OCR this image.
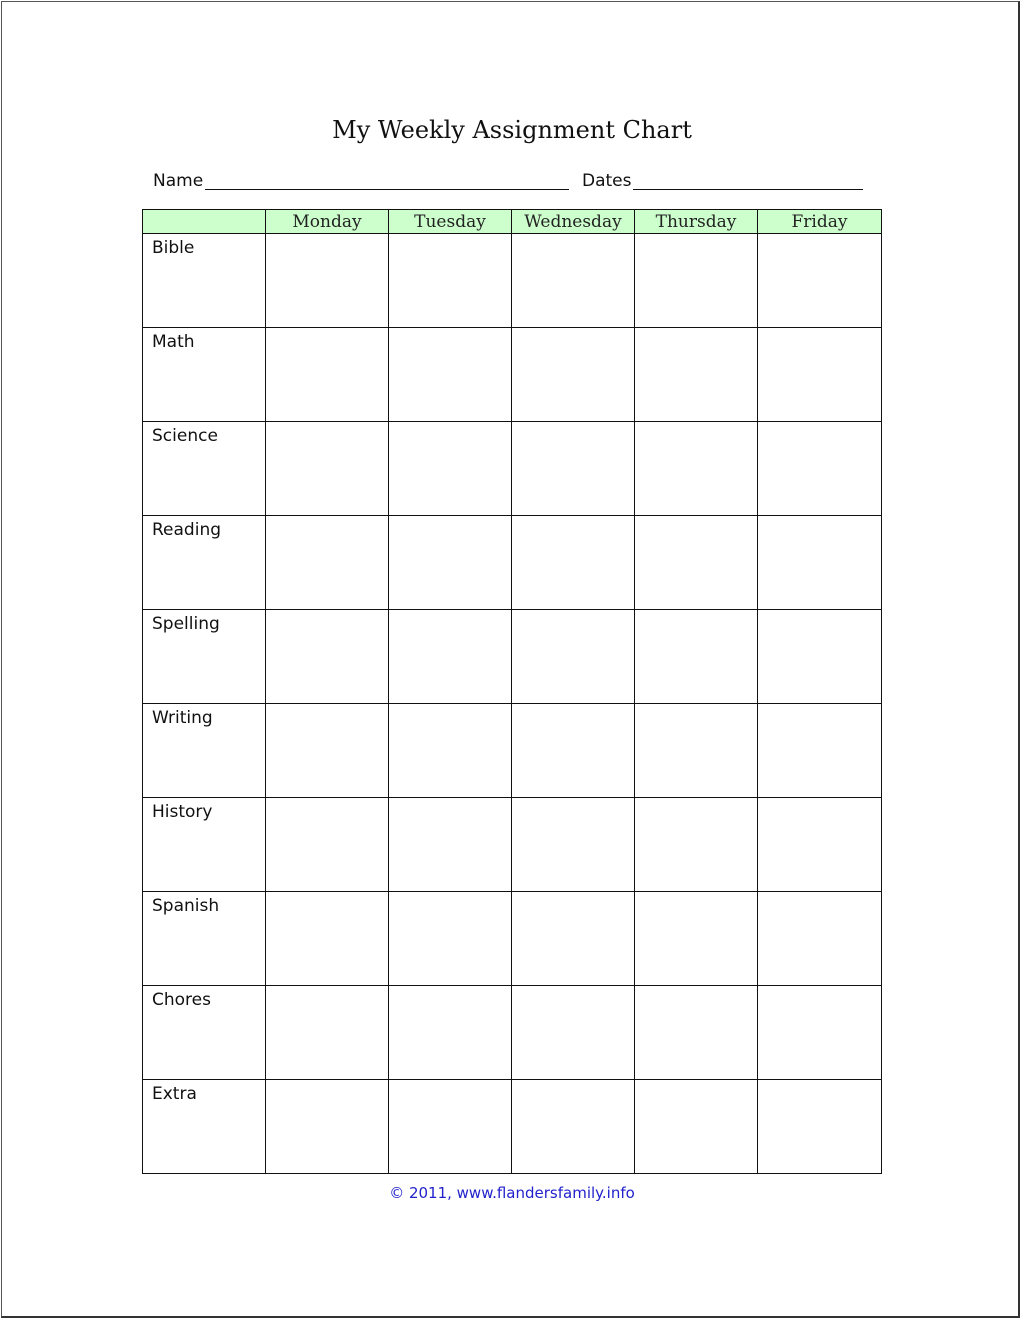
My Weekly Assignment Chart
Name	Dates
	Monday	Tuesday	Wednesday	Thursday	Friday
Bible					
Math					
Science					
Reading					
Spelling					
Writing					
History					
Spanish					
Chores					
Extra					
© 2011, www.flandersfamily.info
